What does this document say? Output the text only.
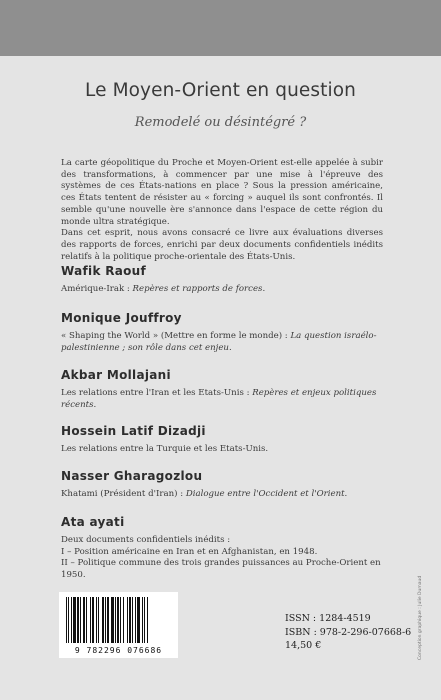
Le Moyen-Orient en question
Remodelé ou désintégré ?

La carte géopolitique du Proche et Moyen-Orient est-elle appelée à subir des transformations, à commencer par une mise à l'épreuve des systèmes de ces États-nations en place ? Sous la pression américaine, ces États tentent de résister au « forcing » auquel ils sont confrontés. Il semble qu'une nouvelle ère s'annonce dans l'espace de cette région du monde ultra stratégique.

Dans cet esprit, nous avons consacré ce livre aux évaluations diverses des rapports de forces, enrichi par deux documents confidentiels inédits relatifs à la politique proche-orientale des États-Unis.

Wafik Raouf

Amérique-Irak : Repères et rapports de forces.

Monique Jouffroy

« Shaping the World » (Mettre en forme le monde) : La question israélo-palestinienne ; son rôle dans cet enjeu.

Akbar Mollajani

Les relations entre l'Iran et les Etats-Unis : Repères et enjeux politiques récents.

Hossein Latif Dizadji

Les relations entre la Turquie et les Etats-Unis.

Nasser Gharagozlou

Khatami (Président d'Iran) : Dialogue entre l'Occident et l'Orient.

Ata ayati

Deux documents confidentiels inédits :

I – Position américaine en Iran et en Afghanistan, en 1948.

II – Politique commune des trois grandes puissances au Proche-Orient en 1950.

9 782296 076686
ISSN : 1284-4519
ISBN : 978-2-296-07668-6
14,50 €	Conception graphique : Julie Dumaud
